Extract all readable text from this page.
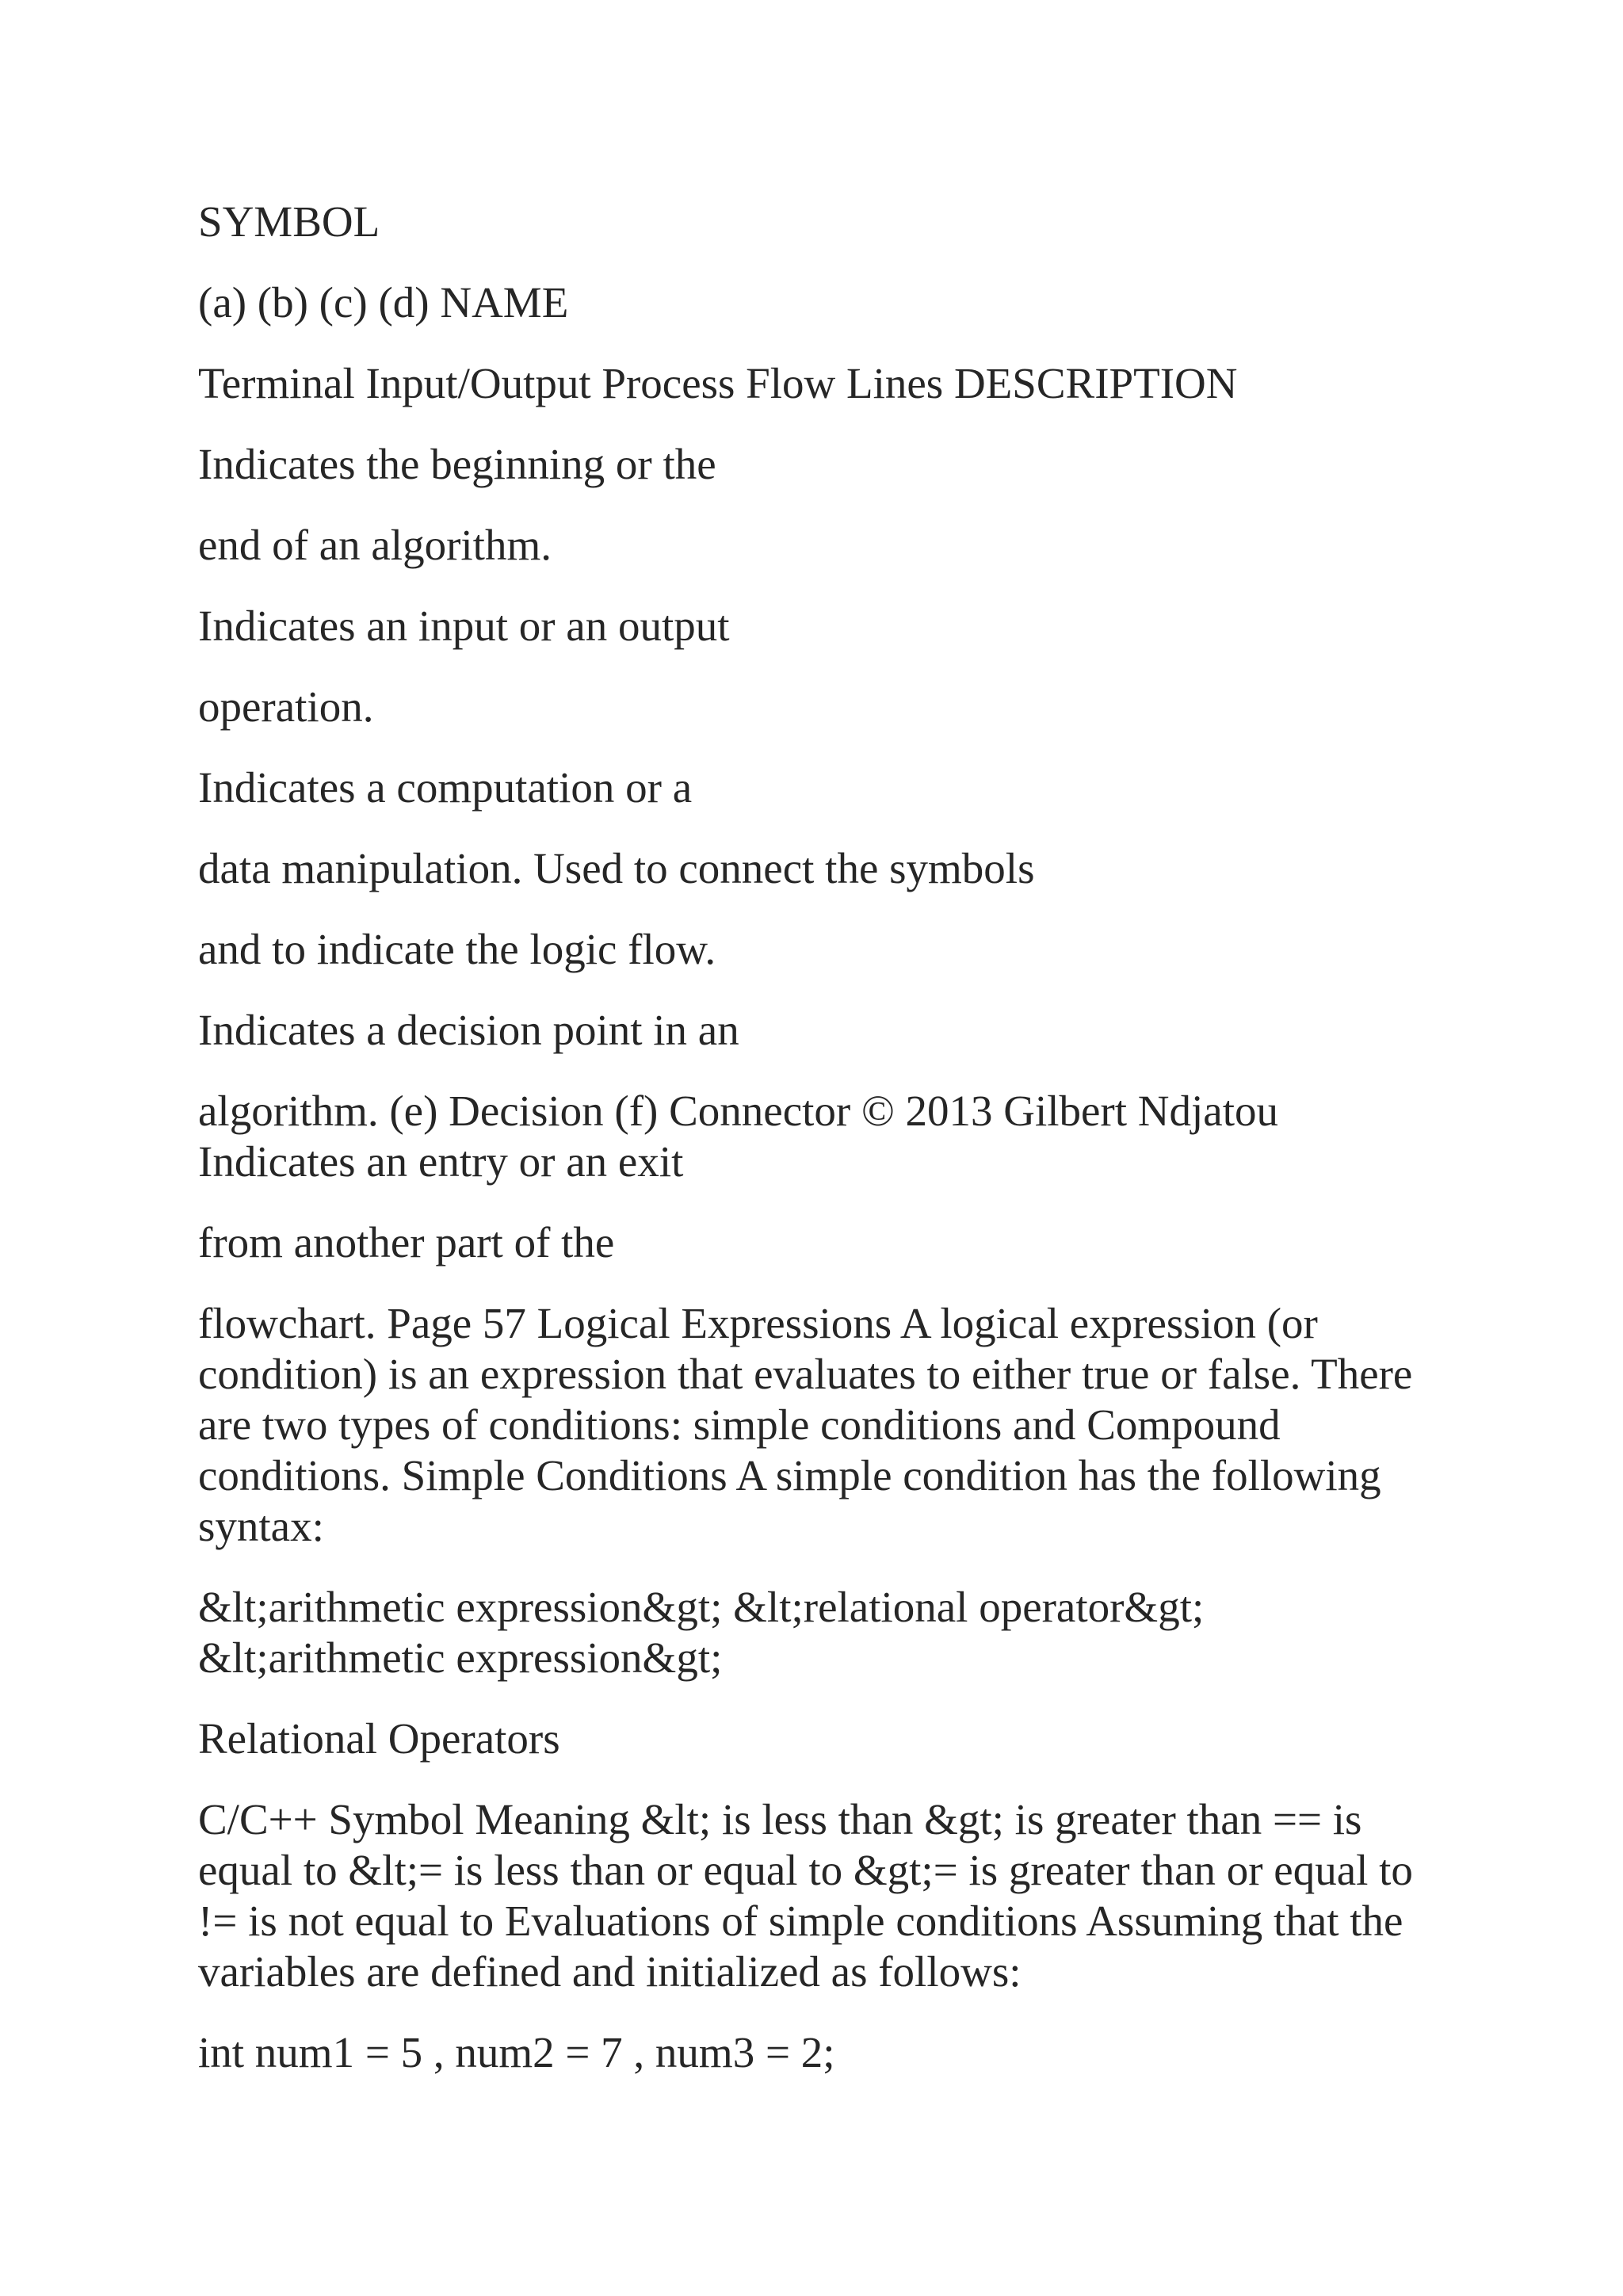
SYMBOL

(a) (b) (c) (d) NAME

Terminal Input/Output Process Flow Lines DESCRIPTION

Indicates the beginning or the

end of an algorithm.

Indicates an input or an output

operation.

Indicates a computation or a

data manipulation. Used to connect the symbols

and to indicate the logic flow.

Indicates a decision point in an

algorithm. (e) Decision (f) Connector © 2013 Gilbert Ndjatou

Indicates an entry or an exit

from another part of the

flowchart. Page 57 Logical Expressions A logical expression (or condition) is an expression that evaluates to either true or false. There are two types of conditions: simple conditions and Compound conditions. Simple Conditions A simple condition has the following syntax:

&lt;arithmetic expression&gt; &lt;relational operator&gt; &lt;arithmetic expression&gt;

Relational Operators

C/C++ Symbol Meaning &lt; is less than &gt; is greater than == is equal to &lt;= is less than or equal to &gt;= is greater than or equal to != is not equal to Evaluations of simple conditions Assuming that the variables are defined and initialized as follows:

int num1 = 5 , num2 = 7 , num3 = 2;
